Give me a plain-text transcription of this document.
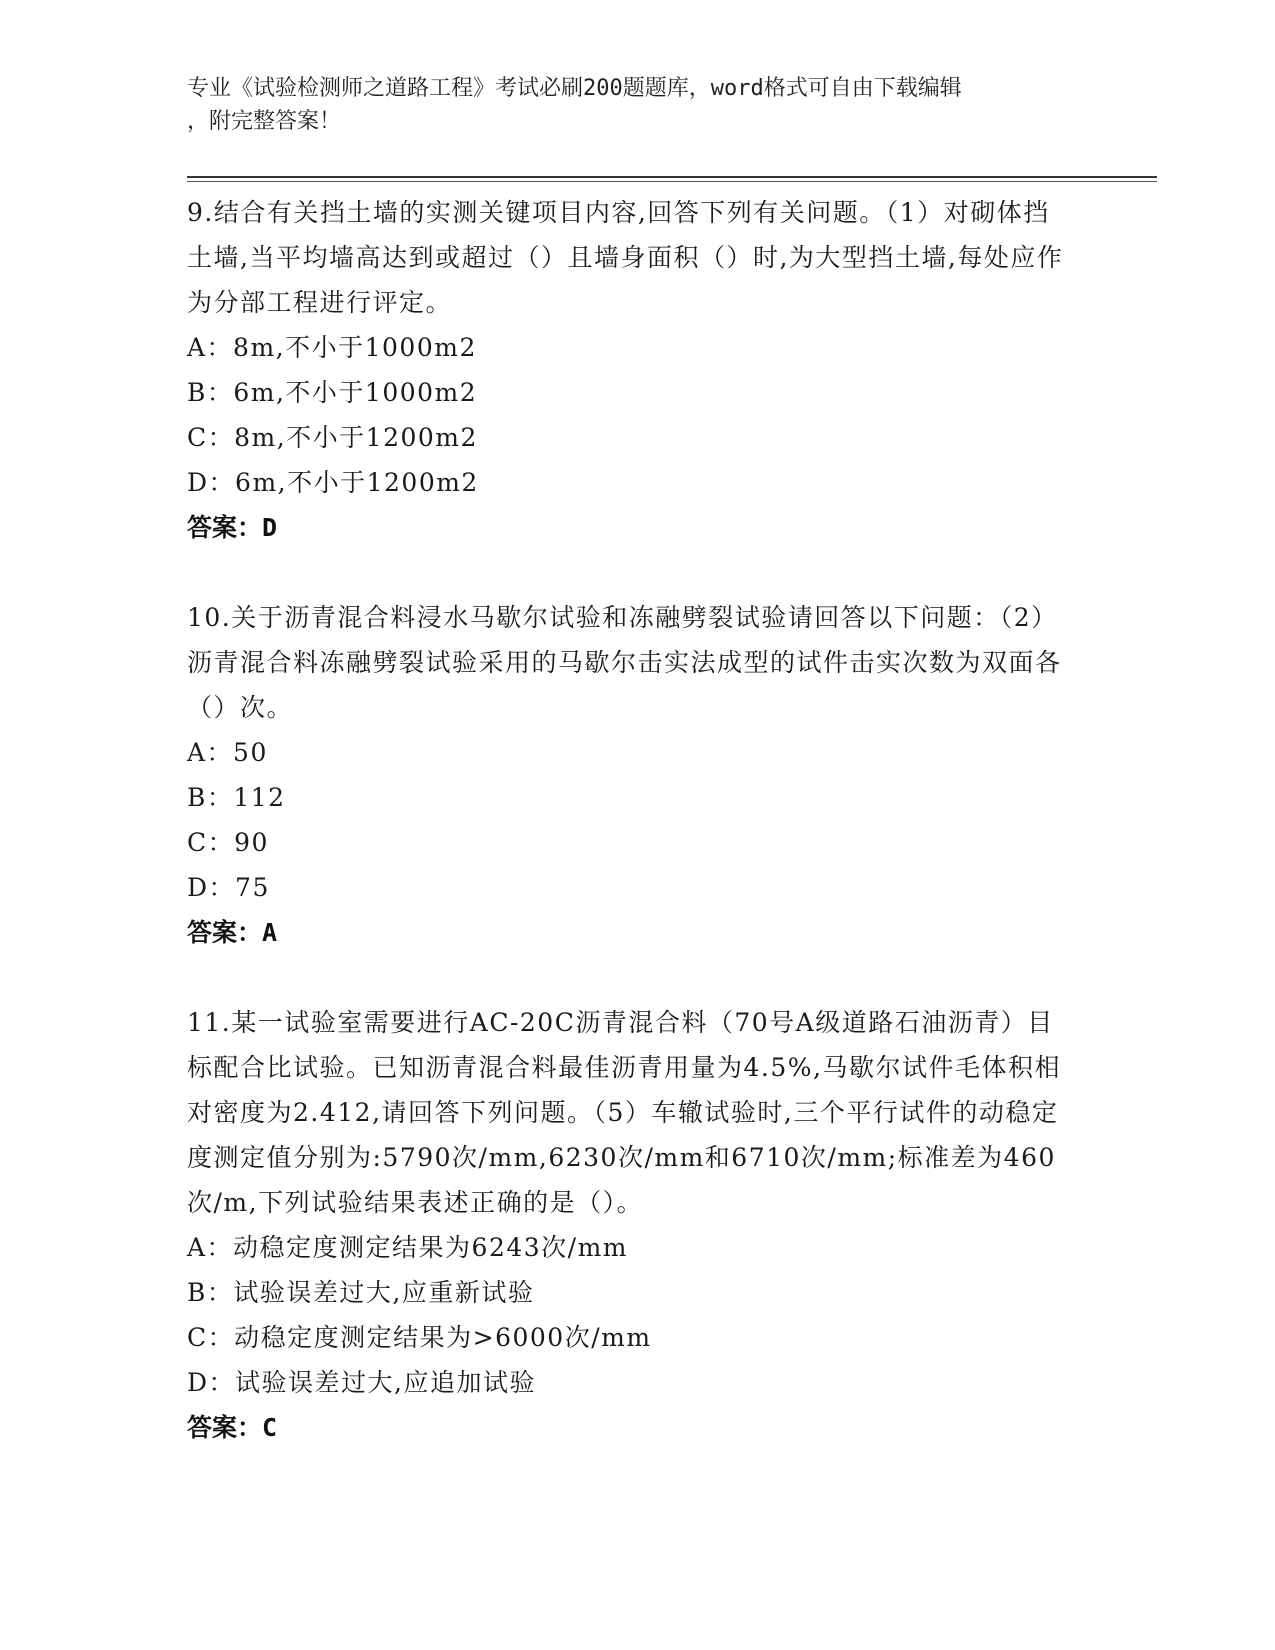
专业《试验检测师之道路工程》考试必刷200题题库，word格式可自由下载编辑
，附完整答案！
9.结合有关挡土墙的实测关键项目内容,回答下列有关问题。（1）对砌体挡土墙,当平均墙高达到或超过（）且墙身面积（）时,为大型挡土墙,每处应作为分部工程进行评定。
A：8m,不小于1000m2
B：6m,不小于1000m2
C：8m,不小于1200m2
D：6m,不小于1200m2
答案：D
10.关于沥青混合料浸水马歇尔试验和冻融劈裂试验请回答以下问题：（2）沥青混合料冻融劈裂试验采用的马歇尔击实法成型的试件击实次数为双面各（）次。
A：50
B：112
C：90
D：75
答案：A
11.某一试验室需要进行AC-20C沥青混合料（70号A级道路石油沥青）目标配合比试验。已知沥青混合料最佳沥青用量为4.5%,马歇尔试件毛体积相对密度为2.412,请回答下列问题。（5）车辙试验时,三个平行试件的动稳定度测定值分别为:5790次/mm,6230次/mm和6710次/mm;标准差为460次/m,下列试验结果表述正确的是（）。
A：动稳定度测定结果为6243次/mm
B：试验误差过大,应重新试验
C：动稳定度测定结果为>6000次/mm
D：试验误差过大,应追加试验
答案：C
